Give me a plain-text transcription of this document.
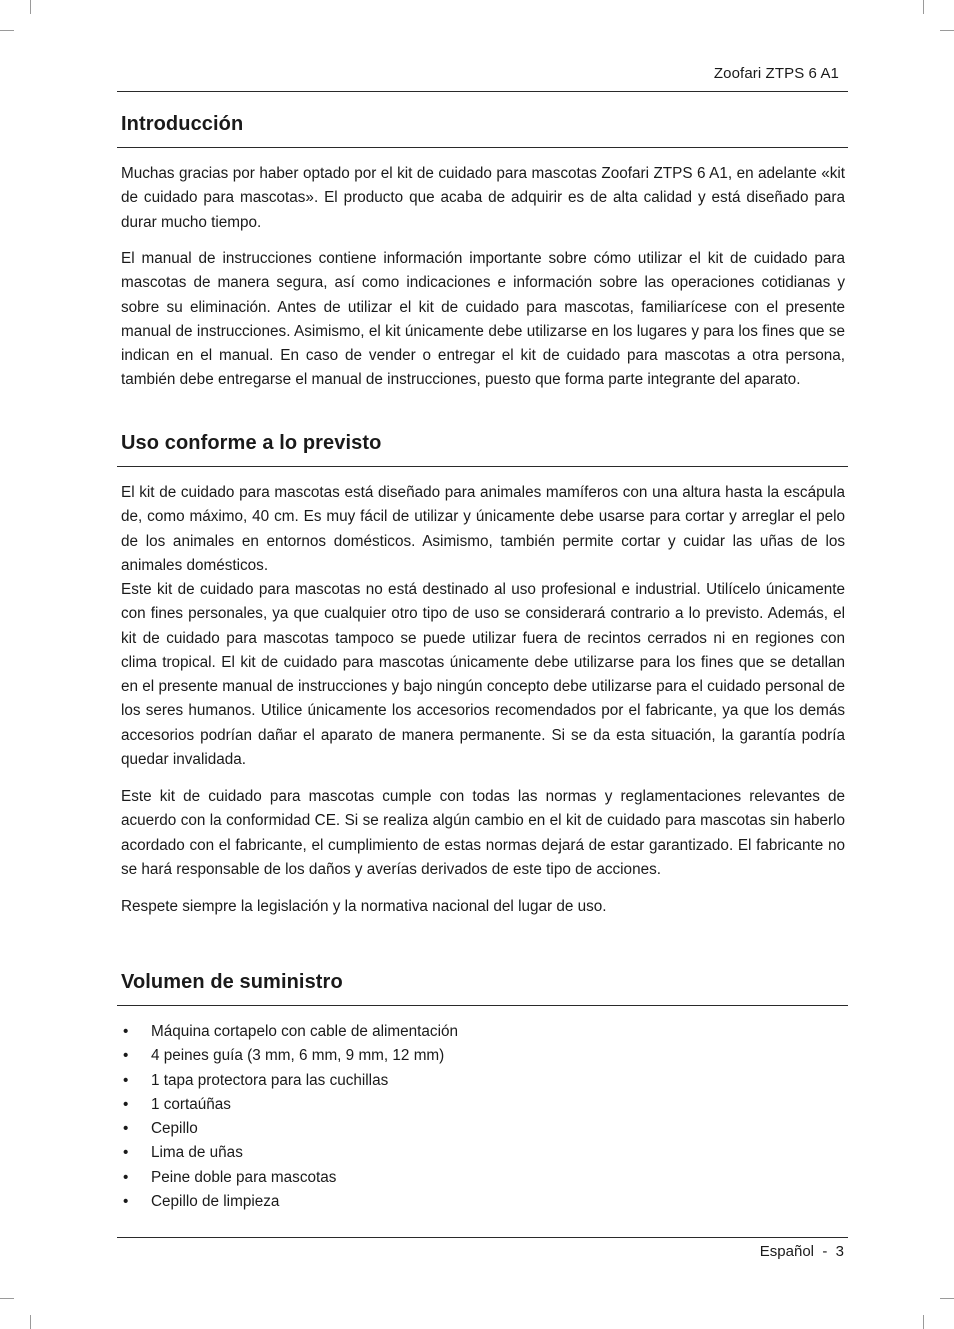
Zoofari ZTPS 6 A1
Introducción

Muchas gracias por haber optado por el kit de cuidado para mascotas Zoofari ZTPS 6 A1, en adelante «kit de cuidado para mascotas». El producto que acaba de adquirir es de alta calidad y está diseñado para durar mucho tiempo.

El manual de instrucciones contiene información importante sobre cómo utilizar el kit de cuidado para mascotas de manera segura, así como indicaciones e información sobre las operaciones cotidianas y sobre su eliminación. Antes de utilizar el kit de cuidado para mascotas, familiarícese con el presente manual de instrucciones. Asimismo, el kit únicamente debe utilizarse en los lugares y para los fines que se indican en el manual. En caso de vender o entregar el kit de cuidado para mascotas a otra persona, también debe entregarse el manual de instrucciones, puesto que forma parte integrante del aparato.

Uso conforme a lo previsto

El kit de cuidado para mascotas está diseñado para animales mamíferos con una altura hasta la escápula de, como máximo, 40 cm. Es muy fácil de utilizar y únicamente debe usarse para cortar y arreglar el pelo de los animales en entornos domésticos. Asimismo, también permite cortar y cuidar las uñas de los animales domésticos.

Este kit de cuidado para mascotas no está destinado al uso profesional e industrial. Utilícelo únicamente con fines personales, ya que cualquier otro tipo de uso se considerará contrario a lo previsto. Además, el kit de cuidado para mascotas tampoco se puede utilizar fuera de recintos cerrados ni en regiones con clima tropical. El kit de cuidado para mascotas únicamente debe utilizarse para los fines que se detallan en el presente manual de instrucciones y bajo ningún concepto debe utilizarse para el cuidado personal de los seres humanos. Utilice únicamente los accesorios recomendados por el fabricante, ya que los demás accesorios podrían dañar el aparato de manera permanente. Si se da esta situación, la garantía podría quedar invalidada.

Este kit de cuidado para mascotas cumple con todas las normas y reglamentaciones relevantes de acuerdo con la conformidad CE. Si se realiza algún cambio en el kit de cuidado para mascotas sin haberlo acordado con el fabricante, el cumplimiento de estas normas dejará de estar garantizado. El fabricante no se hará responsable de los daños y averías derivados de este tipo de acciones.

Respete siempre la legislación y la normativa nacional del lugar de uso.

Volumen de suministro
• Máquina cortapelo con cable de alimentación
• 4 peines guía (3 mm, 6 mm, 9 mm, 12 mm)
• 1 tapa protectora para las cuchillas
• 1 cortaúñas
• Cepillo
• Lima de uñas
• Peine doble para mascotas
• Cepillo de limpieza
Español  -  3
